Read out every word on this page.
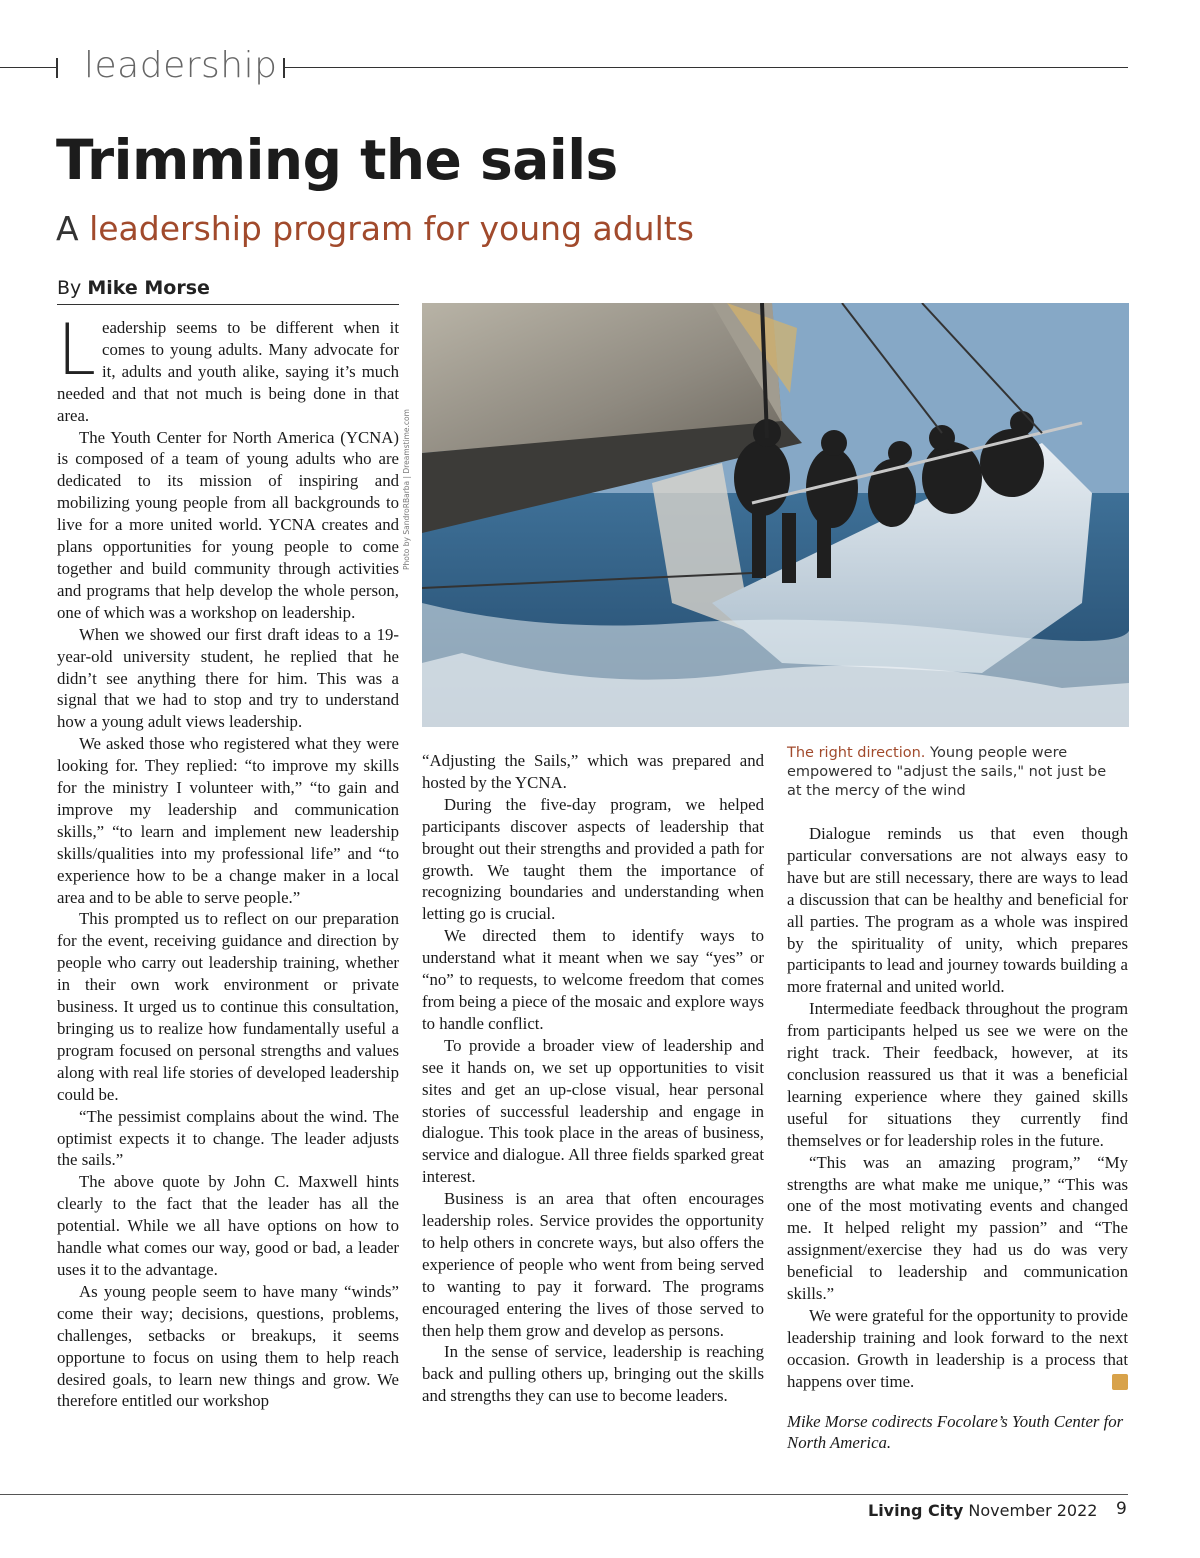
leadership
Trimming the sails
A leadership program for young adults
By Mike Morse

Leadership seems to be different when it comes to young adults. Many advocate for it, adults and youth alike, saying it’s much needed and that not much is being done in that area.

The Youth Center for North America (YCNA) is composed of a team of young adults who are dedicated to its mission of inspiring and mobilizing young people from all backgrounds to live for a more united world. YCNA creates and plans opportunities for young people to come together and build community through activities and programs that help develop the whole person, one of which was a workshop on leadership.

When we showed our first draft ideas to a 19-year-old university student, he replied that he didn’t see anything there for him. This was a signal that we had to stop and try to understand how a young adult views leadership.

We asked those who registered what they were looking for. They replied: “to improve my skills for the ministry I volunteer with,” “to gain and improve my leadership and communication skills,” “to learn and implement new leadership skills/qualities into my professional life” and “to experience how to be a change maker in a local area and to be able to serve people.”

This prompted us to reflect on our preparation for the event, receiving guidance and direction by people who carry out leadership training, whether in their own work environment or private business. It urged us to continue this consultation, bringing us to realize how fundamentally useful a program focused on personal strengths and values along with real life stories of developed leadership could be.

“The pessimist complains about the wind. The optimist expects it to change. The leader adjusts the sails.”

The above quote by John C. Maxwell hints clearly to the fact that the leader has all the potential. While we all have options on how to handle what comes our way, good or bad, a leader uses it to the advantage.

As young people seem to have many “winds” come their way; decisions, questions, problems, challenges, setbacks or breakups, it seems opportune to focus on using them to help reach desired goals, to learn new things and grow. We therefore entitled our workshop

Photo by SandroRBarba | Dreamstime.com
The right direction. Young people were empowered to "adjust the sails," not just be at the mercy of the wind

“Adjusting the Sails,” which was prepared and hosted by the YCNA.

During the five-day program, we helped participants discover aspects of leadership that brought out their strengths and provided a path for growth. We taught them the importance of recognizing boundaries and understanding when letting go is crucial.

We directed them to identify ways to understand what it meant when we say “yes” or “no” to requests, to welcome freedom that comes from being a piece of the mosaic and explore ways to handle conflict.

To provide a broader view of leadership and see it hands on, we set up opportunities to visit sites and get an up-close visual, hear personal stories of successful leadership and engage in dialogue. This took place in the areas of business, service and dialogue. All three fields sparked great interest.

Business is an area that often encourages leadership roles. Service provides the opportunity to help others in concrete ways, but also offers the experience of people who went from being served to wanting to pay it forward. The programs encouraged entering the lives of those served to then help them grow and develop as persons.

In the sense of service, leadership is reaching back and pulling others up, bringing out the skills and strengths they can use to become leaders.

Dialogue reminds us that even though particular conversations are not always easy to have but are still necessary, there are ways to lead a discussion that can be healthy and beneficial for all parties. The program as a whole was inspired by the spirituality of unity, which prepares participants to lead and journey towards building a more fraternal and united world.

Intermediate feedback throughout the program from participants helped us see we were on the right track. Their feedback, however, at its conclusion reassured us that it was a beneficial learning experience where they gained skills useful for situations they currently find themselves or for leadership roles in the future.

“This was an amazing program,” “My strengths are what make me unique,” “This was one of the most motivating events and changed me. It helped relight my passion” and “The assignment/exercise they had us do was very beneficial to leadership and communication skills.”

We were grateful for the opportunity to provide leadership training and look forward to the next occasion. Growth in leadership is a process that happens over time.	LC

Mike Morse codirects Focolare’s Youth Center for North America.

Living City November 2022 9
